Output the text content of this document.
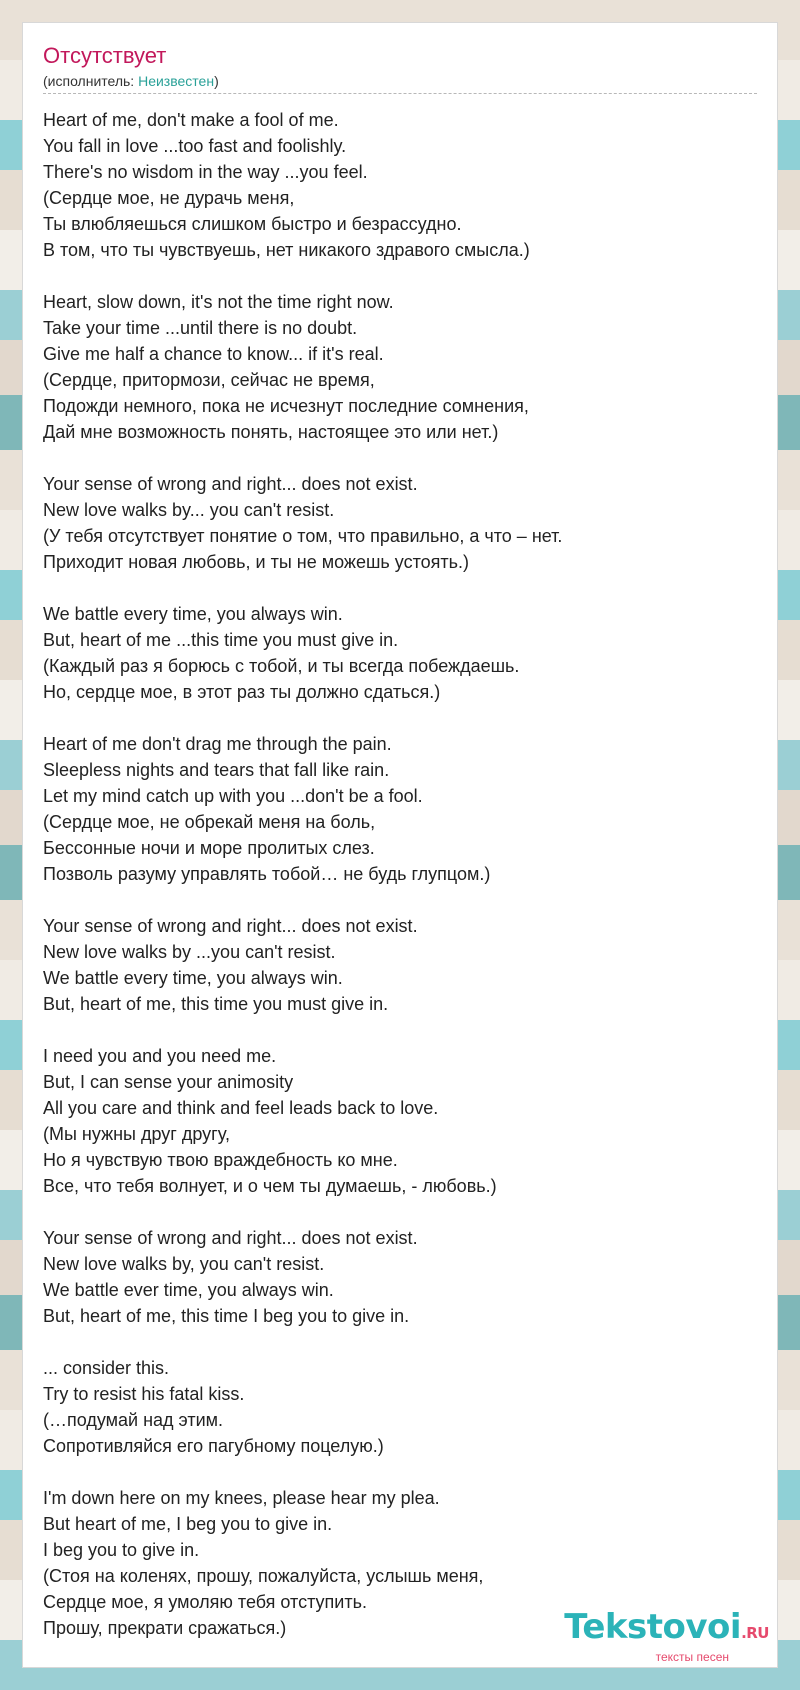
Отсутствует
(исполнитель: Неизвестен)
Heart of me, don't make a fool of me.
You fall in love ...too fast and foolishly.
There's no wisdom in the way ...you feel.
(Сердце мое, не дурачь меня,
Ты влюбляешься слишком быстро и безрассудно.
В том, что ты чувствуешь, нет никакого здравого смысла.)
Heart, slow down, it's not the time right now.
Take your time ...until there is no doubt.
Give me half a chance to know... if it's real.
(Сердце, притормози, сейчас не время,
Подожди немного, пока не исчезнут последние сомнения,
Дай мне возможность понять, настоящее это или нет.)
Your sense of wrong and right... does not exist.
New love walks by... you can't resist.
(У тебя отсутствует понятие о том, что правильно, а что – нет.
Приходит новая любовь, и ты не можешь устоять.)
We battle every time, you always win.
But, heart of me ...this time you must give in.
(Каждый раз я борюсь с тобой, и ты всегда побеждаешь.
Но, сердце мое, в этот раз ты должно сдаться.)
Heart of me don't drag me through the pain.
Sleepless nights and tears that fall like rain.
Let my mind catch up with you ...don't be a fool.
(Сердце мое, не обрекай меня на боль,
Бессонные ночи и море пролитых слез.
Позволь разуму управлять тобой… не будь глупцом.)
Your sense of wrong and right... does not exist.
New love walks by ...you can't resist.
We battle every time, you always win.
But, heart of me, this time you must give in.
I need you and you need me.
But, I can sense your animosity
All you care and think and feel leads back to love.
(Мы нужны друг другу,
Но я чувствую твою враждебность ко мне.
Все, что тебя волнует, и о чем ты думаешь, - любовь.)
Your sense of wrong and right... does not exist.
New love walks by, you can't resist.
We battle ever time, you always win.
But, heart of me, this time I beg you to give in.
... consider this.
Try to resist his fatal kiss.
(…подумай над этим.
Сопротивляйся его пагубному поцелую.)
I'm down here on my knees, please hear my plea.
But heart of me, I beg you to give in.
I beg you to give in.
(Стоя на коленях, прошу, пожалуйста, услышь меня,
Сердце мое, я умоляю тебя отступить.
Прошу, прекрати сражаться.)	Tekstovoi.RU
тексты песен
